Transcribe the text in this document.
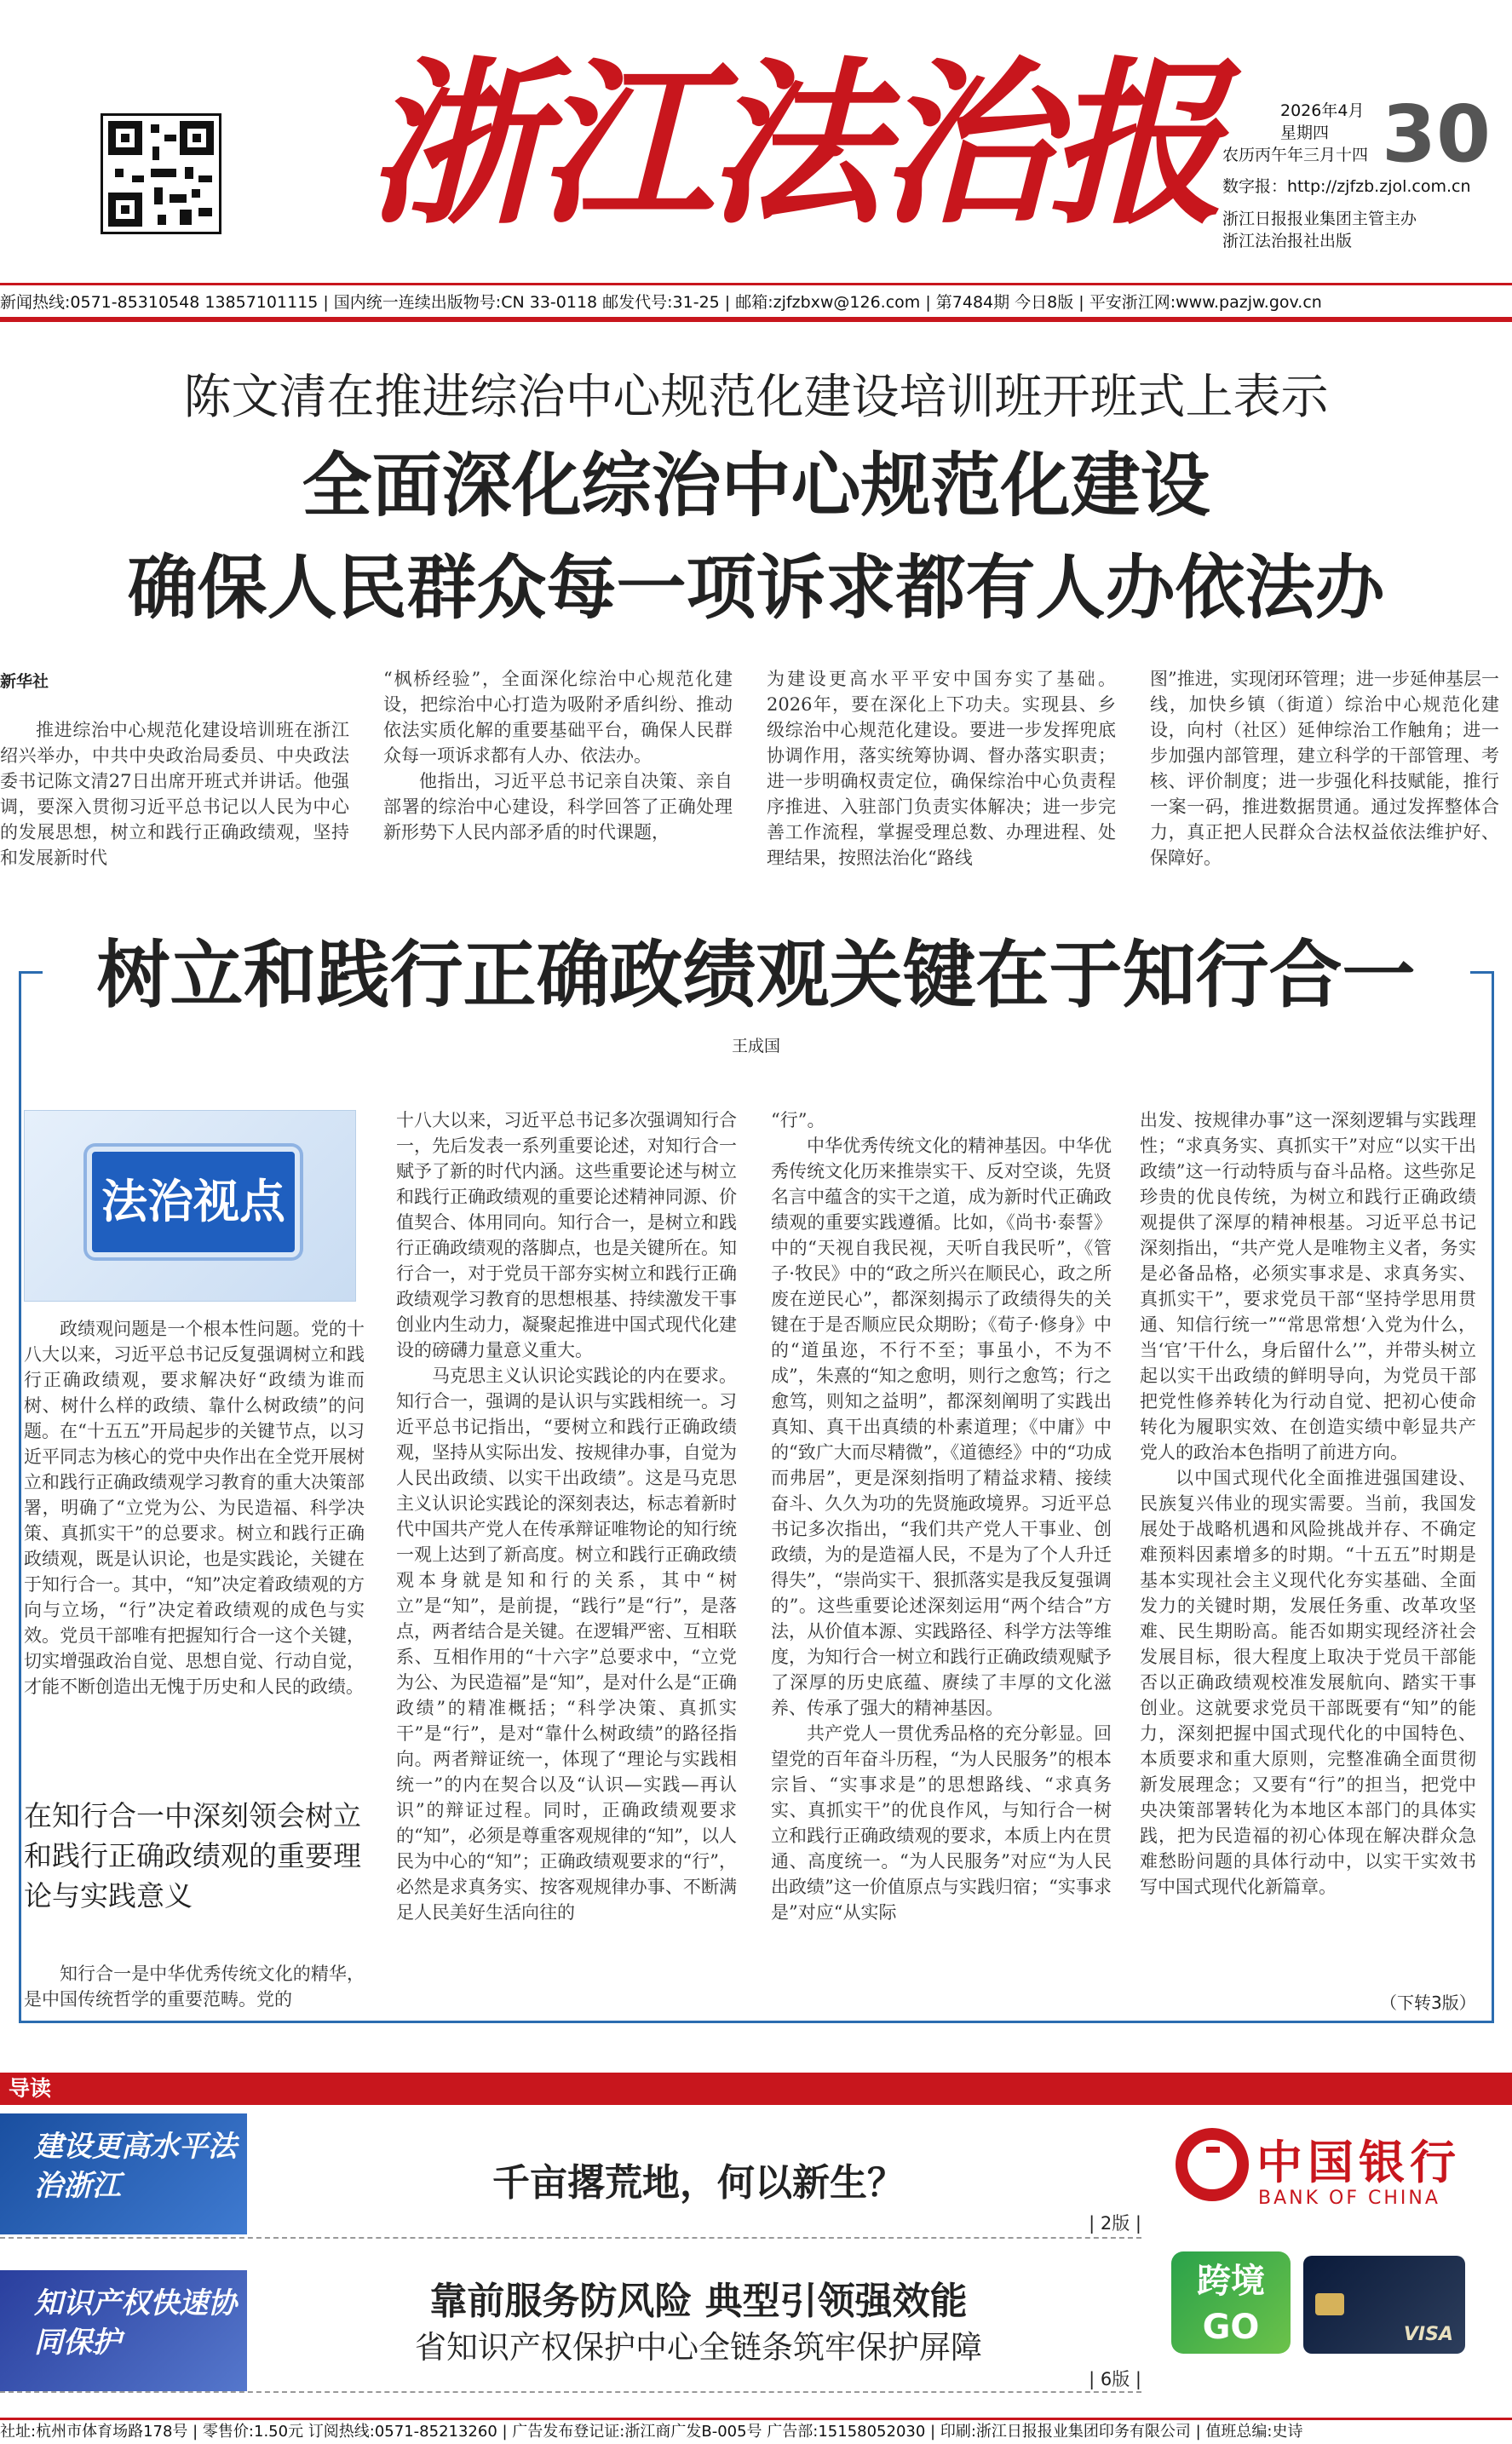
浙江法治报	2026年4月
星期四
农历丙午年三月十四 30
数字报：http://zjfzb.zjol.com.cn
浙江日报报业集团主管主办
浙江法治报社出版
新闻热线:0571-85310548 13857101115 | 国内统一连续出版物号:CN 33-0118 邮发代号:31-25 | 邮箱:zjfzbxw@126.com | 第7484期 今日8版 | 平安浙江网:www.pazjw.gov.cn
陈文清在推进综治中心规范化建设培训班开班式上表示
全面深化综治中心规范化建设
确保人民群众每一项诉求都有人办依法办
新华社

推进综治中心规范化建设培训班在浙江绍兴举办，中共中央政治局委员、中央政法委书记陈文清27日出席开班式并讲话。他强调，要深入贯彻习近平总书记以人民为中心的发展思想，树立和践行正确政绩观，坚持和发展新时代

“枫桥经验”，全面深化综治中心规范化建设，把综治中心打造为吸附矛盾纠纷、推动依法实质化解的重要基础平台，确保人民群众每一项诉求都有人办、依法办。

他指出，习近平总书记亲自决策、亲自部署的综治中心建设，科学回答了正确处理新形势下人民内部矛盾的时代课题，

为建设更高水平平安中国夯实了基础。2026年，要在深化上下功夫。实现县、乡级综治中心规范化建设。要进一步发挥兜底协调作用，落实统筹协调、督办落实职责；进一步明确权责定位，确保综治中心负责程序推进、入驻部门负责实体解决；进一步完善工作流程，掌握受理总数、办理进程、处理结果，按照法治化“路线

图”推进，实现闭环管理；进一步延伸基层一线，加快乡镇（街道）综治中心规范化建设，向村（社区）延伸综治工作触角；进一步加强内部管理，建立科学的干部管理、考核、评价制度；进一步强化科技赋能，推行一案一码，推进数据贯通。通过发挥整体合力，真正把人民群众合法权益依法维护好、保障好。

树立和践行正确政绩观关键在于知行合一
王成国
法治视点

政绩观问题是一个根本性问题。党的十八大以来，习近平总书记反复强调树立和践行正确政绩观，要求解决好“政绩为谁而树、树什么样的政绩、靠什么树政绩”的问题。在“十五五”开局起步的关键节点，以习近平同志为核心的党中央作出在全党开展树立和践行正确政绩观学习教育的重大决策部署，明确了“立党为公、为民造福、科学决策、真抓实干”的总要求。树立和践行正确政绩观，既是认识论，也是实践论，关键在于知行合一。其中，“知”决定着政绩观的方向与立场，“行”决定着政绩观的成色与实效。党员干部唯有把握知行合一这个关键，切实增强政治自觉、思想自觉、行动自觉，才能不断创造出无愧于历史和人民的政绩。

在知行合一中深刻领会树立和践行正确政绩观的重要理论与实践意义

知行合一是中华优秀传统文化的精华，是中国传统哲学的重要范畴。党的

十八大以来，习近平总书记多次强调知行合一，先后发表一系列重要论述，对知行合一赋予了新的时代内涵。这些重要论述与树立和践行正确政绩观的重要论述精神同源、价值契合、体用同向。知行合一，是树立和践行正确政绩观的落脚点，也是关键所在。知行合一，对于党员干部夯实树立和践行正确政绩观学习教育的思想根基、持续激发干事创业内生动力，凝聚起推进中国式现代化建设的磅礴力量意义重大。

马克思主义认识论实践论的内在要求。知行合一，强调的是认识与实践相统一。习近平总书记指出，“要树立和践行正确政绩观，坚持从实际出发、按规律办事，自觉为人民出政绩、以实干出政绩”。这是马克思主义认识论实践论的深刻表达，标志着新时代中国共产党人在传承辩证唯物论的知行统一观上达到了新高度。树立和践行正确政绩观本身就是知和行的关系，其中“树立”是“知”，是前提，“践行”是“行”，是落点，两者结合是关键。在逻辑严密、互相联系、互相作用的“十六字”总要求中，“立党为公、为民造福”是“知”，是对什么是“正确政绩”的精准概括；“科学决策、真抓实干”是“行”，是对“靠什么树政绩”的路径指向。两者辩证统一，体现了“理论与实践相统一”的内在契合以及“认识—实践—再认识”的辩证过程。同时，正确政绩观要求的“知”，必须是尊重客观规律的“知”，以人民为中心的“知”；正确政绩观要求的“行”，必然是求真务实、按客观规律办事、不断满足人民美好生活向往的

“行”。

中华优秀传统文化的精神基因。中华优秀传统文化历来推崇实干、反对空谈，先贤名言中蕴含的实干之道，成为新时代正确政绩观的重要实践遵循。比如，《尚书·泰誓》中的“天视自我民视，天听自我民听”，《管子·牧民》中的“政之所兴在顺民心，政之所废在逆民心”，都深刻揭示了政绩得失的关键在于是否顺应民众期盼；《荀子·修身》中的“道虽迩，不行不至；事虽小，不为不成”，朱熹的“知之愈明，则行之愈笃；行之愈笃，则知之益明”，都深刻阐明了实践出真知、真干出真绩的朴素道理；《中庸》中的“致广大而尽精微”，《道德经》中的“功成而弗居”，更是深刻指明了精益求精、接续奋斗、久久为功的先贤施政境界。习近平总书记多次指出，“我们共产党人干事业、创政绩，为的是造福人民，不是为了个人升迁得失”，“崇尚实干、狠抓落实是我反复强调的”。这些重要论述深刻运用“两个结合”方法，从价值本源、实践路径、科学方法等维度，为知行合一树立和践行正确政绩观赋予了深厚的历史底蕴、赓续了丰厚的文化滋养、传承了强大的精神基因。

共产党人一贯优秀品格的充分彰显。回望党的百年奋斗历程，“为人民服务”的根本宗旨、“实事求是”的思想路线、“求真务实、真抓实干”的优良作风，与知行合一树立和践行正确政绩观的要求，本质上内在贯通、高度统一。“为人民服务”对应“为人民出政绩”这一价值原点与实践归宿；“实事求是”对应“从实际

出发、按规律办事”这一深刻逻辑与实践理性；“求真务实、真抓实干”对应“以实干出政绩”这一行动特质与奋斗品格。这些弥足珍贵的优良传统，为树立和践行正确政绩观提供了深厚的精神根基。习近平总书记深刻指出，“共产党人是唯物主义者，务实是必备品格，必须实事求是、求真务实、真抓实干”，要求党员干部“坚持学思用贯通、知信行统一”“常思常想‘入党为什么，当‘官’干什么，身后留什么’”，并带头树立起以实干出政绩的鲜明导向，为党员干部把党性修养转化为行动自觉、把初心使命转化为履职实效、在创造实绩中彰显共产党人的政治本色指明了前进方向。

以中国式现代化全面推进强国建设、民族复兴伟业的现实需要。当前，我国发展处于战略机遇和风险挑战并存、不确定难预料因素增多的时期。“十五五”时期是基本实现社会主义现代化夯实基础、全面发力的关键时期，发展任务重、改革攻坚难、民生期盼高。能否如期实现经济社会发展目标，很大程度上取决于党员干部能否以正确政绩观校准发展航向、踏实干事创业。这就要求党员干部既要有“知”的能力，深刻把握中国式现代化的中国特色、本质要求和重大原则，完整准确全面贯彻新发展理念；又要有“行”的担当，把党中央决策部署转化为本地区本部门的具体实践，把为民造福的初心体现在解决群众急难愁盼问题的具体行动中，以实干实效书写中国式现代化新篇章。

（下转3版）
导读
建设更高水平法治浙江	千亩撂荒地，何以新生？
| 2版 |
知识产权快速协同保护
靠前服务防风险 典型引领强效能
省知识产权保护中心全链条筑牢保护屏障
| 6版 |
中国银行
BANK OF CHINA
跨境GO	VISA
社址:杭州市体育场路178号 | 零售价:1.50元 订阅热线:0571-85213260 | 广告发布登记证:浙江商广发B-005号 广告部:15158052030 | 印刷:浙江日报报业集团印务有限公司 | 值班总编:史诗
